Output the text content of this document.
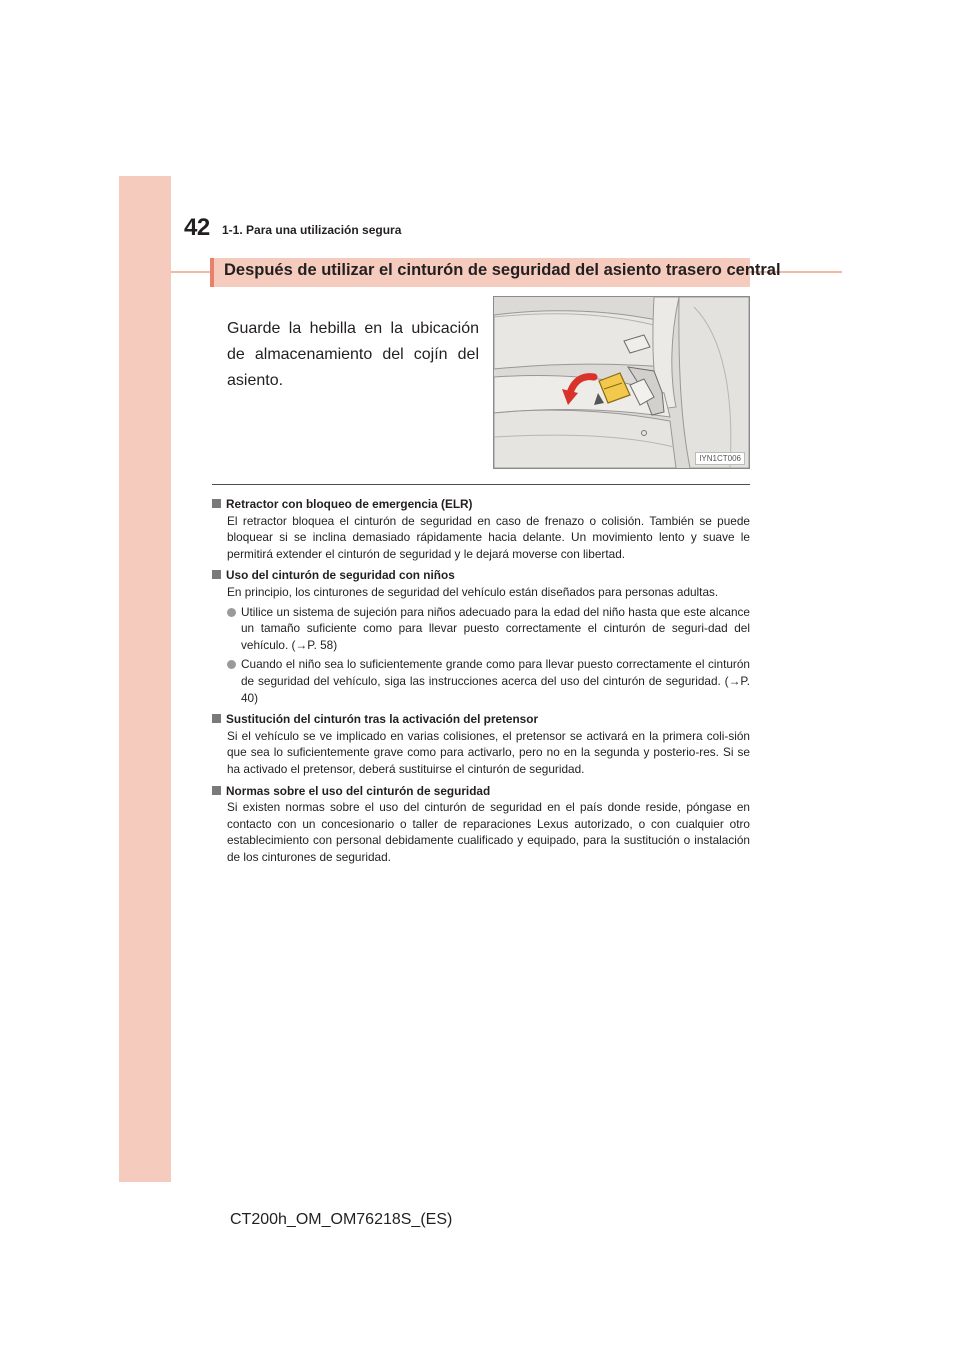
42 1-1. Para una utilización segura
Después de utilizar el cinturón de seguridad del asiento trasero central
Guarde la hebilla en la ubicación de almacenamiento del cojín del asiento.
IYN1CT006
Retractor con bloqueo de emergencia (ELR)
El retractor bloquea el cinturón de seguridad en caso de frenazo o colisión. También se puede bloquear si se inclina demasiado rápidamente hacia delante. Un movimiento lento y suave le permitirá extender el cinturón de seguridad y le dejará moverse con libertad.
Uso del cinturón de seguridad con niños
En principio, los cinturones de seguridad del vehículo están diseñados para personas adultas.
Utilice un sistema de sujeción para niños adecuado para la edad del niño hasta que este alcance un tamaño suficiente como para llevar puesto correctamente el cinturón de seguri-dad del vehículo. (→P. 58)
Cuando el niño sea lo suficientemente grande como para llevar puesto correctamente el cinturón de seguridad del vehículo, siga las instrucciones acerca del uso del cinturón de seguridad. (→P. 40)
Sustitución del cinturón tras la activación del pretensor
Si el vehículo se ve implicado en varias colisiones, el pretensor se activará en la primera coli-sión que sea lo suficientemente grave como para activarlo, pero no en la segunda y posterio-res. Si se ha activado el pretensor, deberá sustituirse el cinturón de seguridad.
Normas sobre el uso del cinturón de seguridad
Si existen normas sobre el uso del cinturón de seguridad en el país donde reside, póngase en contacto con un concesionario o taller de reparaciones Lexus autorizado, o con cualquier otro establecimiento con personal debidamente cualificado y equipado, para la sustitución o instalación de los cinturones de seguridad.
CT200h_OM_OM76218S_(ES)
